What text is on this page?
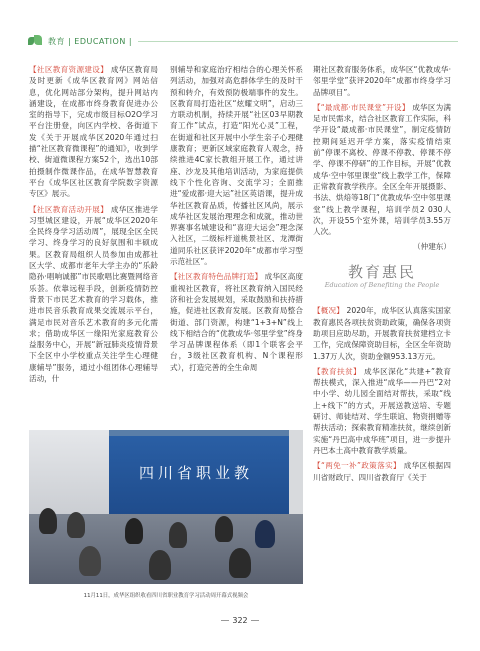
教育 | EDUCATION |

【社区教育资源建设】 成华区教育局及时更新《成华区教育网》网站信息，优化网站部分架构，提升网站内涵建设，在成都市终身教育促进办公室的指导下，完成市级目标O2O学习平台注册登，向区内学校、各街道下发《关于开展成华区2020年通过扫描“社区教育微课程”的通知》，收到学校、街道微课程方案52个，选出10部拍摄制作微课作品，在成华智慧教育平台《成华区社区教育学院数字资源专区》展示。

【社区教育活动开展】 成华区推进学习型城区建设，开展“成华区2020年全民终身学习活动周”，展现全区全民学习、终身学习的良好氛围和丰硕成果。区教育局组织人员参加由成都社区大学、成都市老年大学主办的“乐龄隐孙·唱响诚都”市民歌唱比赛暨网络音乐荟。依靠远程手段，创新疫情防控背景下市民艺术教育的学习载体，推进市民音乐教育成果交流展示平台，满足市民对音乐艺术教育的多元化需求；借助成华区一缘阳光家庭教育公益服务中心，开展“新冠肺炎疫情背景下全区中小学校重点关注学生心理健康辅导”服务，通过小组团体心理辅导活动，什

别辅导和家庭治疗相结合的心理关怀系列活动，加强对高危群体学生的及时干预和转介，有效预防极端事件的发生。区教育局打造社区“炫耀文明”，启动三方联动机制，持续开展“社区03早期教育工作”试点，打造“阳光心灵”工程，在街道和社区开展中小学生亲子心理健康教育；更新区域家庭教育人观念，持续推进4C家长教组开展工作，通过讲座、沙龙及其他培训活动，为家庭提供线下个性化咨询、交流学习；全面推进“爱成都·迎大运”社区英语课，提升成华社区教育品质，传播社区风尚，展示成华社区发展治理理念和成就，推动世界赛事名城建设和“喜迎大运会”理念深入社区，二级标杆道桃景社区、龙潭街道同乐社区获评2020年“成都市学习型示范社区”。

【社区教育特色品牌打造】 成华区高度重视社区教育，将社区教育纳入国民经济和社会发展规划，采取鼓励和扶持措施，促进社区教育发展。区教育局整合街道、部门资源，构建“1+3+N”线上线下相结合的“优教成华·邻里学堂”终身学习品牌课程体系（即1个联客会平台，3级社区教育机构、N个课程形式），打造完善的全生命周

期社区教育服务体系，成华区“优教成华·邻里学堂”获评2020年“成都市终身学习品牌项目”。

【“最成都·市民课堂”开设】 成华区为满足市民需求，结合社区教育工作实际，科学开设“最成都·市民课堂”，制定疫情防控期间延迟开学方案，落实疫情结束前“停课不离校、停课不停教、停课不停学、停课不停研”的工作目标，开展“优教成华·空中邻里课堂”线上教学工作，保障正常教育教学秩序。全区全年开展摄影、书法、烘焙等18门“优教成华·空中邻里课堂”线上教学课程，培训学员2 030人次，开设55个室外课，培训学员3.55万人次。

（仲建东）
教育惠民
Education of Benefiting the People

【概况】 2020年，成华区认真落实国家教育惠民各项扶贫资助政策，确保各项资助项目应助尽助，开展教育扶贫建档立卡工作，完成保障资助目标，全区全年资助1.37万人次，资助金额953.13万元。

【教育扶贫】 成华区深化“共建+”教育帮扶模式，深入推进“成华——丹巴”2对中小学、幼儿园全面结对帮扶，采取“线上+线下”的方式，开展送教送培、专题研讨、师徒结对、学生联谊、物资捐赠等帮扶活动；探索教育精准扶贫，继续创新实施“丹巴高中成华班”项目，进一步提升丹巴本土高中教育教学质量。

【“两免一补”政策落实】 成华区根据四川省财政厅、四川省教育厅《关于

四川省职业教
11月11日，成华区组织收看四川省职业教育学习活动周开幕式视频会
322
